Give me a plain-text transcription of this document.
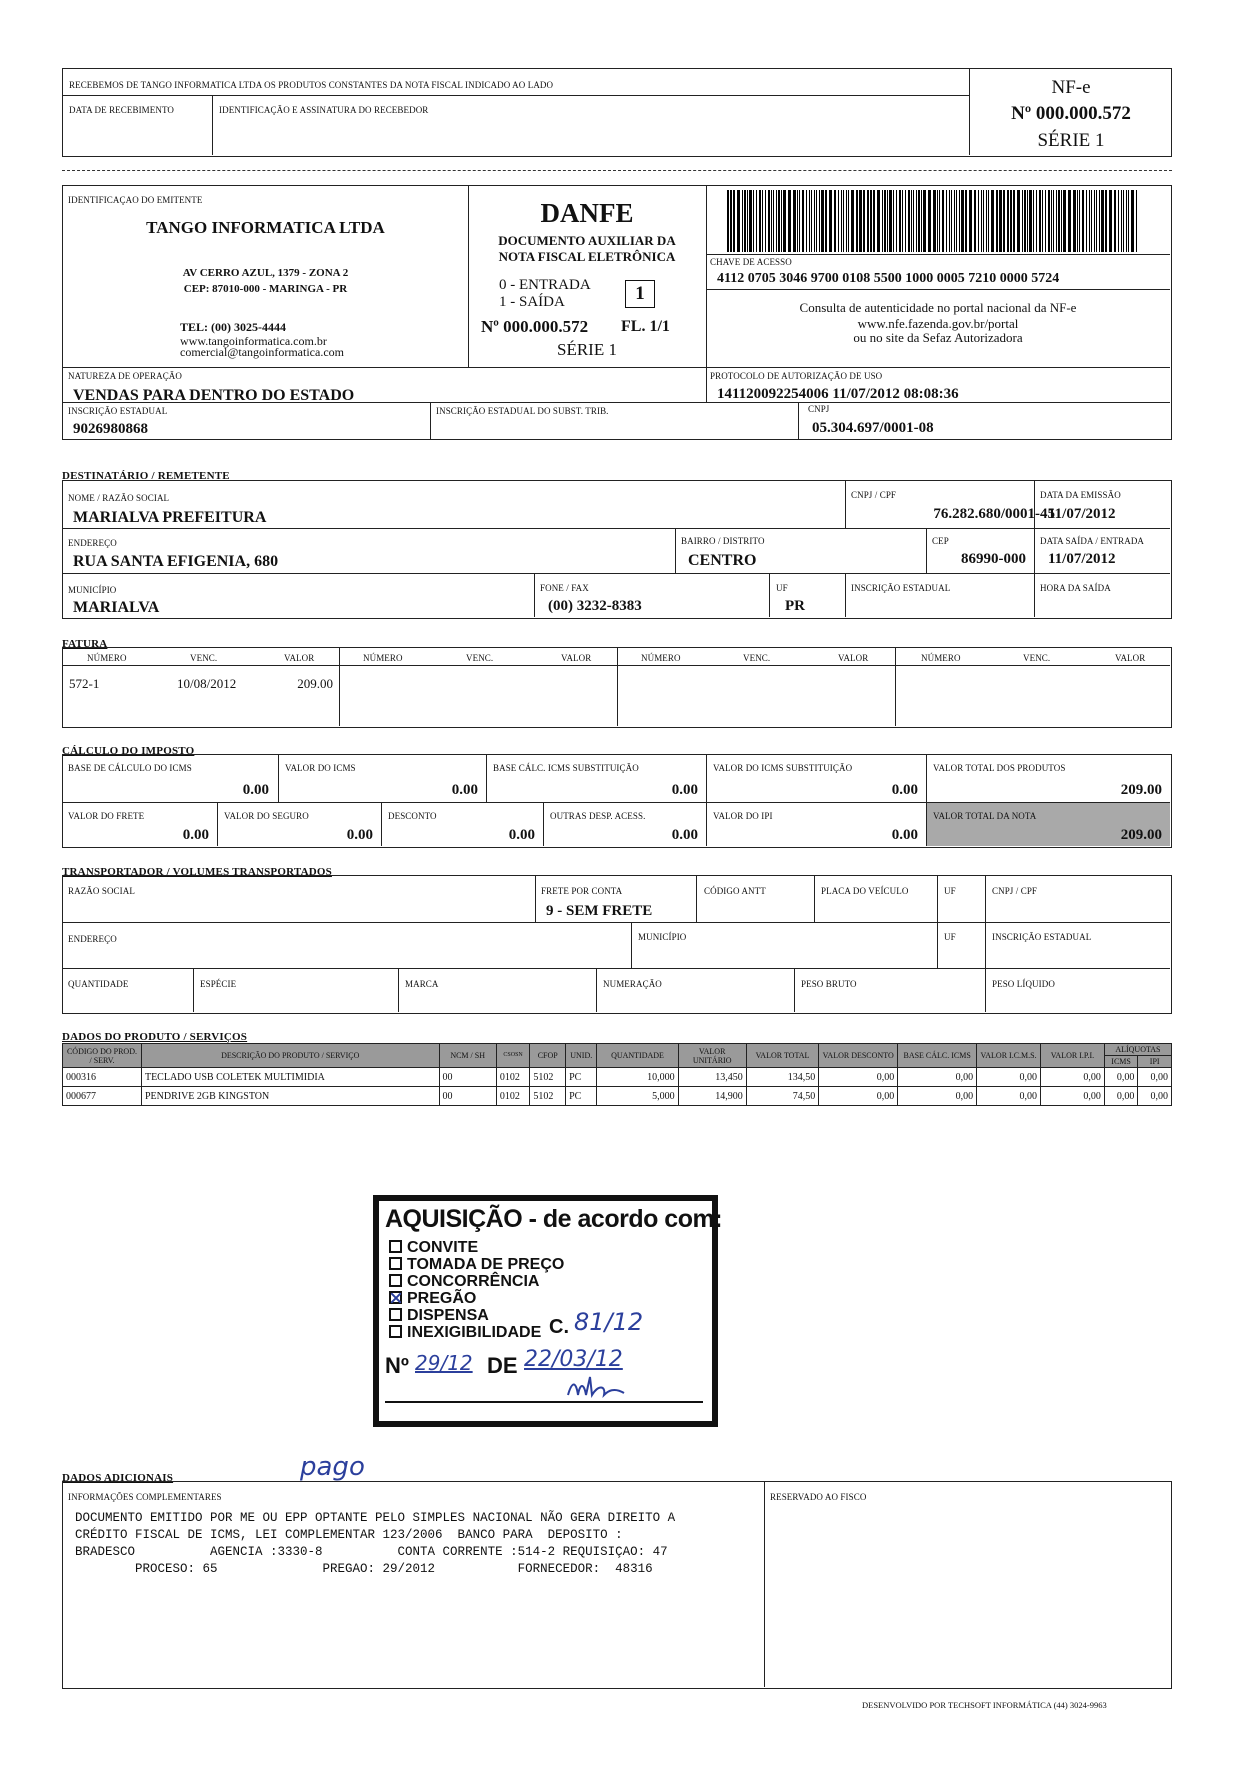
RECEBEMOS DE TANGO INFORMATICA LTDA OS PRODUTOS CONSTANTES DA NOTA FISCAL INDICADO AO LADO
DATA DE RECEBIMENTO	IDENTIFICAÇÃO E ASSINATURA DO RECEBEDOR
NF-e
Nº 000.000.572
SÉRIE 1
IDENTIFICAÇAO DO EMITENTE
TANGO INFORMATICA LTDA
AV CERRO AZUL, 1379 - ZONA 2
CEP: 87010-000 - MARINGA - PR
TEL: (00) 3025-4444
www.tangoinformatica.com.br
comercial@tangoinformatica.com
DANFE
DOCUMENTO AUXILIAR DA
NOTA FISCAL ELETRÔNICA
0 - ENTRADA
1 - SAÍDA	1
Nº 000.000.572 FL. 1/1
SÉRIE 1
CHAVE DE ACESSO
4112 0705 3046 9700 0108 5500 1000 0005 7210 0000 5724
Consulta de autenticidade no portal nacional da NF-e
www.nfe.fazenda.gov.br/portal
ou no site da Sefaz Autorizadora
NATUREZA DE OPERAÇÃO
VENDAS PARA DENTRO DO ESTADO
PROTOCOLO DE AUTORIZAÇÃO DE USO
141120092254006 11/07/2012 08:08:36
INSCRIÇÃO ESTADUAL
9026980868
INSCRIÇÃO ESTADUAL DO SUBST. TRIB.	CNPJ
05.304.697/0001-08
DESTINATÁRIO / REMETENTE
NOME / RAZÃO SOCIAL
MARIALVA PREFEITURA
CNPJ / CPF
76.282.680/0001-45
DATA DA EMISSÃO
11/07/2012
ENDEREÇO
RUA SANTA EFIGENIA, 680
BAIRRO / DISTRITO
CENTRO
CEP
86990-000
DATA SAÍDA / ENTRADA
11/07/2012
MUNICÍPIO
MARIALVA
FONE / FAX
(00) 3232-8383
UF
PR
INSCRIÇÃO ESTADUAL	HORA DA SAÍDA
FATURA
NÚMERO	VENC.	VALOR	NÚMERO	VENC.	VALOR	NÚMERO	VENC.	VALOR	NÚMERO	VENC.	VALOR
572-1	10/08/2012	209.00
CÁLCULO DO IMPOSTO
BASE DE CÁLCULO DO ICMS
0.00
VALOR DO ICMS
0.00
BASE CÁLC. ICMS SUBSTITUIÇÃO
0.00
VALOR DO ICMS SUBSTITUIÇÃO
0.00
VALOR TOTAL DOS PRODUTOS
209.00
VALOR DO FRETE
0.00
VALOR DO SEGURO
0.00
DESCONTO
0.00
OUTRAS DESP. ACESS.
0.00
VALOR DO IPI
0.00
VALOR TOTAL DA NOTA
209.00
TRANSPORTADOR / VOLUMES TRANSPORTADOS
RAZÃO SOCIAL	FRETE POR CONTA
9 - SEM FRETE
CÓDIGO ANTT	PLACA DO VEÍCULO	UF	CNPJ / CPF
ENDEREÇO	MUNICÍPIO	UF	INSCRIÇÃO ESTADUAL
QUANTIDADE	ESPÉCIE	MARCA	NUMERAÇÃO	PESO BRUTO	PESO LÍQUIDO
DADOS DO PRODUTO / SERVIÇOS
CÓDIGO DO PROD. / SERV.	DESCRIÇÃO DO PRODUTO / SERVIÇO	NCM / SH	CSOSN	CFOP	UNID.	QUANTIDADE	VALOR UNITÁRIO	VALOR TOTAL	VALOR DESCONTO	BASE CÁLC. ICMS	VALOR I.C.M.S.	VALOR I.P.I.	ALÍQUOTAS	
													ICMS	IPI
000316	TECLADO USB COLETEK MULTIMIDIA	00	0102	5102	PC	10,000	13,450	134,50	0,00	0,00	0,00	0,00	0,00	0,00
000677	PENDRIVE 2GB KINGSTON	00	0102	5102	PC	5,000	14,900	74,50	0,00	0,00	0,00	0,00	0,00	0,00
AQUISIÇÃO - de acordo com:
CONVITE
TOMADA DE PREÇO
CONCORRÊNCIA
PREGÃO
DISPENSA
INEXIGIBILIDADE C. 81/12
Nº 29/12 DE 22/03/12
pago
DADOS ADICIONAIS
INFORMAÇÕES COMPLEMENTARES
DOCUMENTO EMITIDO POR ME OU EPP OPTANTE PELO SIMPLES NACIONAL NÃO GERA DIREITO A
CRÉDITO FISCAL DE ICMS, LEI COMPLEMENTAR 123/2006  BANCO PARA  DEPOSITO :
BRADESCO          AGENCIA :3330-8          CONTA CORRENTE :514-2 REQUISIÇAO: 47
PROCESO: 65              PREGAO: 29/2012           FORNECEDOR:  48316
RESERVADO AO FISCO
DESENVOLVIDO POR TECHSOFT INFORMÁTICA (44) 3024-9963
